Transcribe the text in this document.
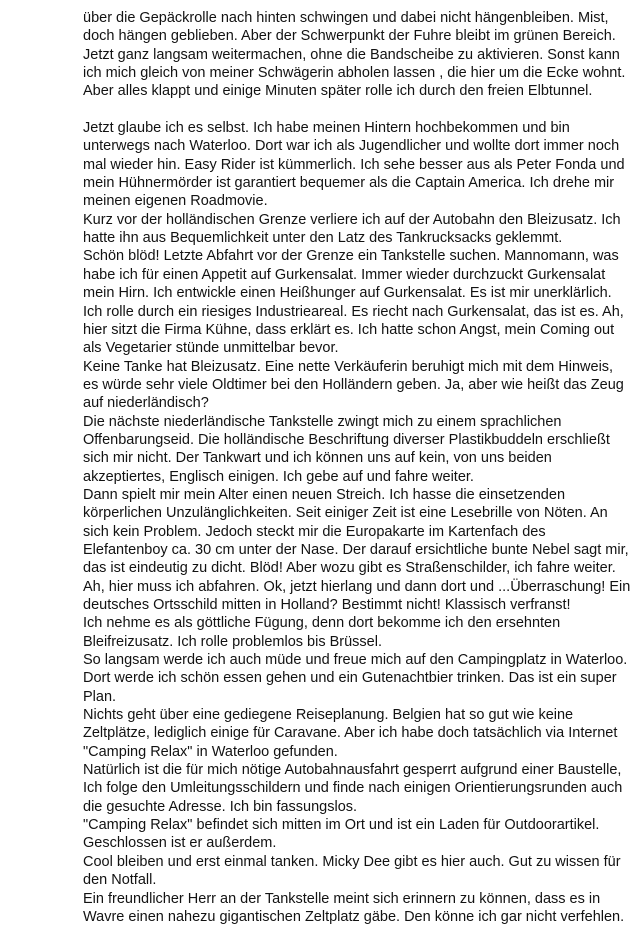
über die Gepäckrolle nach hinten schwingen und dabei nicht hängenbleiben. Mist,
doch hängen geblieben. Aber der Schwerpunkt der Fuhre bleibt im grünen Bereich.
Jetzt ganz langsam weitermachen, ohne die Bandscheibe zu aktivieren. Sonst kann
ich mich gleich von meiner Schwägerin abholen lassen , die hier um die Ecke wohnt.
Aber alles klappt und einige Minuten später rolle ich durch den freien Elbtunnel.

Jetzt glaube ich es selbst. Ich habe meinen Hintern hochbekommen und bin
unterwegs nach Waterloo. Dort war ich als Jugendlicher und wollte dort immer noch
mal wieder hin. Easy Rider ist kümmerlich. Ich sehe besser aus als Peter Fonda und
mein Hühnermörder ist garantiert bequemer als die Captain America. Ich drehe mir
meinen eigenen Roadmovie.
Kurz vor der holländischen Grenze verliere ich auf der Autobahn den Bleizusatz. Ich
hatte ihn aus Bequemlichkeit unter den Latz des Tankrucksacks geklemmt.
Schön blöd! Letzte Abfahrt vor der Grenze ein Tankstelle suchen. Mannomann, was
habe ich für einen Appetit auf Gurkensalat. Immer wieder durchzuckt Gurkensalat
mein Hirn. Ich entwickle einen Heißhunger auf Gurkensalat. Es ist mir unerklärlich.
Ich rolle durch ein riesiges Industrieareal. Es riecht nach Gurkensalat, das ist es. Ah,
hier sitzt die Firma Kühne, dass erklärt es. Ich hatte schon Angst, mein Coming out
als Vegetarier stünde unmittelbar bevor.
Keine Tanke hat Bleizusatz. Eine nette Verkäuferin beruhigt mich mit dem Hinweis,
es würde sehr viele Oldtimer bei den Holländern geben. Ja, aber wie heißt das Zeug
auf niederländisch?
Die nächste niederländische Tankstelle zwingt mich zu einem sprachlichen
Offenbarungseid. Die holländische Beschriftung diverser Plastikbuddeln erschließt
sich mir nicht. Der Tankwart und ich können uns auf kein, von uns beiden
akzeptiertes, Englisch einigen. Ich gebe auf und fahre weiter.
Dann spielt mir mein Alter einen neuen Streich. Ich hasse die einsetzenden
körperlichen Unzulänglichkeiten. Seit einiger Zeit ist eine Lesebrille von Nöten. An
sich kein Problem. Jedoch steckt mir die Europakarte im Kartenfach des
Elefantenboy ca. 30 cm unter der Nase. Der darauf ersichtliche bunte Nebel sagt mir,
das ist eindeutig zu dicht. Blöd! Aber wozu gibt es Straßenschilder, ich fahre weiter.
Ah, hier muss ich abfahren. Ok, jetzt hierlang und dann dort und ...Überraschung! Ein
deutsches Ortsschild mitten in Holland? Bestimmt nicht! Klassisch verfranst!
Ich nehme es als göttliche Fügung, denn dort bekomme ich den ersehnten
Bleifreizusatz. Ich rolle problemlos bis Brüssel.
So langsam werde ich auch müde und freue mich auf den Campingplatz in Waterloo.
Dort werde ich schön essen gehen und ein Gutenachtbier trinken. Das ist ein super
Plan.
Nichts geht über eine gediegene Reiseplanung. Belgien hat so gut wie keine
Zeltplätze, lediglich einige für Caravane. Aber ich habe doch tatsächlich via Internet
"Camping Relax" in Waterloo gefunden.
Natürlich ist die für mich nötige Autobahnausfahrt gesperrt aufgrund einer Baustelle,
Ich folge den Umleitungsschildern und finde nach einigen Orientierungsrunden auch
die gesuchte Adresse. Ich bin fassungslos.
"Camping Relax" befindet sich mitten im Ort und ist ein Laden für Outdoorartikel.
Geschlossen ist er außerdem.
Cool bleiben und erst einmal tanken. Micky Dee gibt es hier auch. Gut zu wissen für
den Notfall.
Ein freundlicher Herr an der Tankstelle meint sich erinnern zu können, dass es in
Wavre einen nahezu gigantischen Zeltplatz gäbe. Den könne ich gar nicht verfehlen.
